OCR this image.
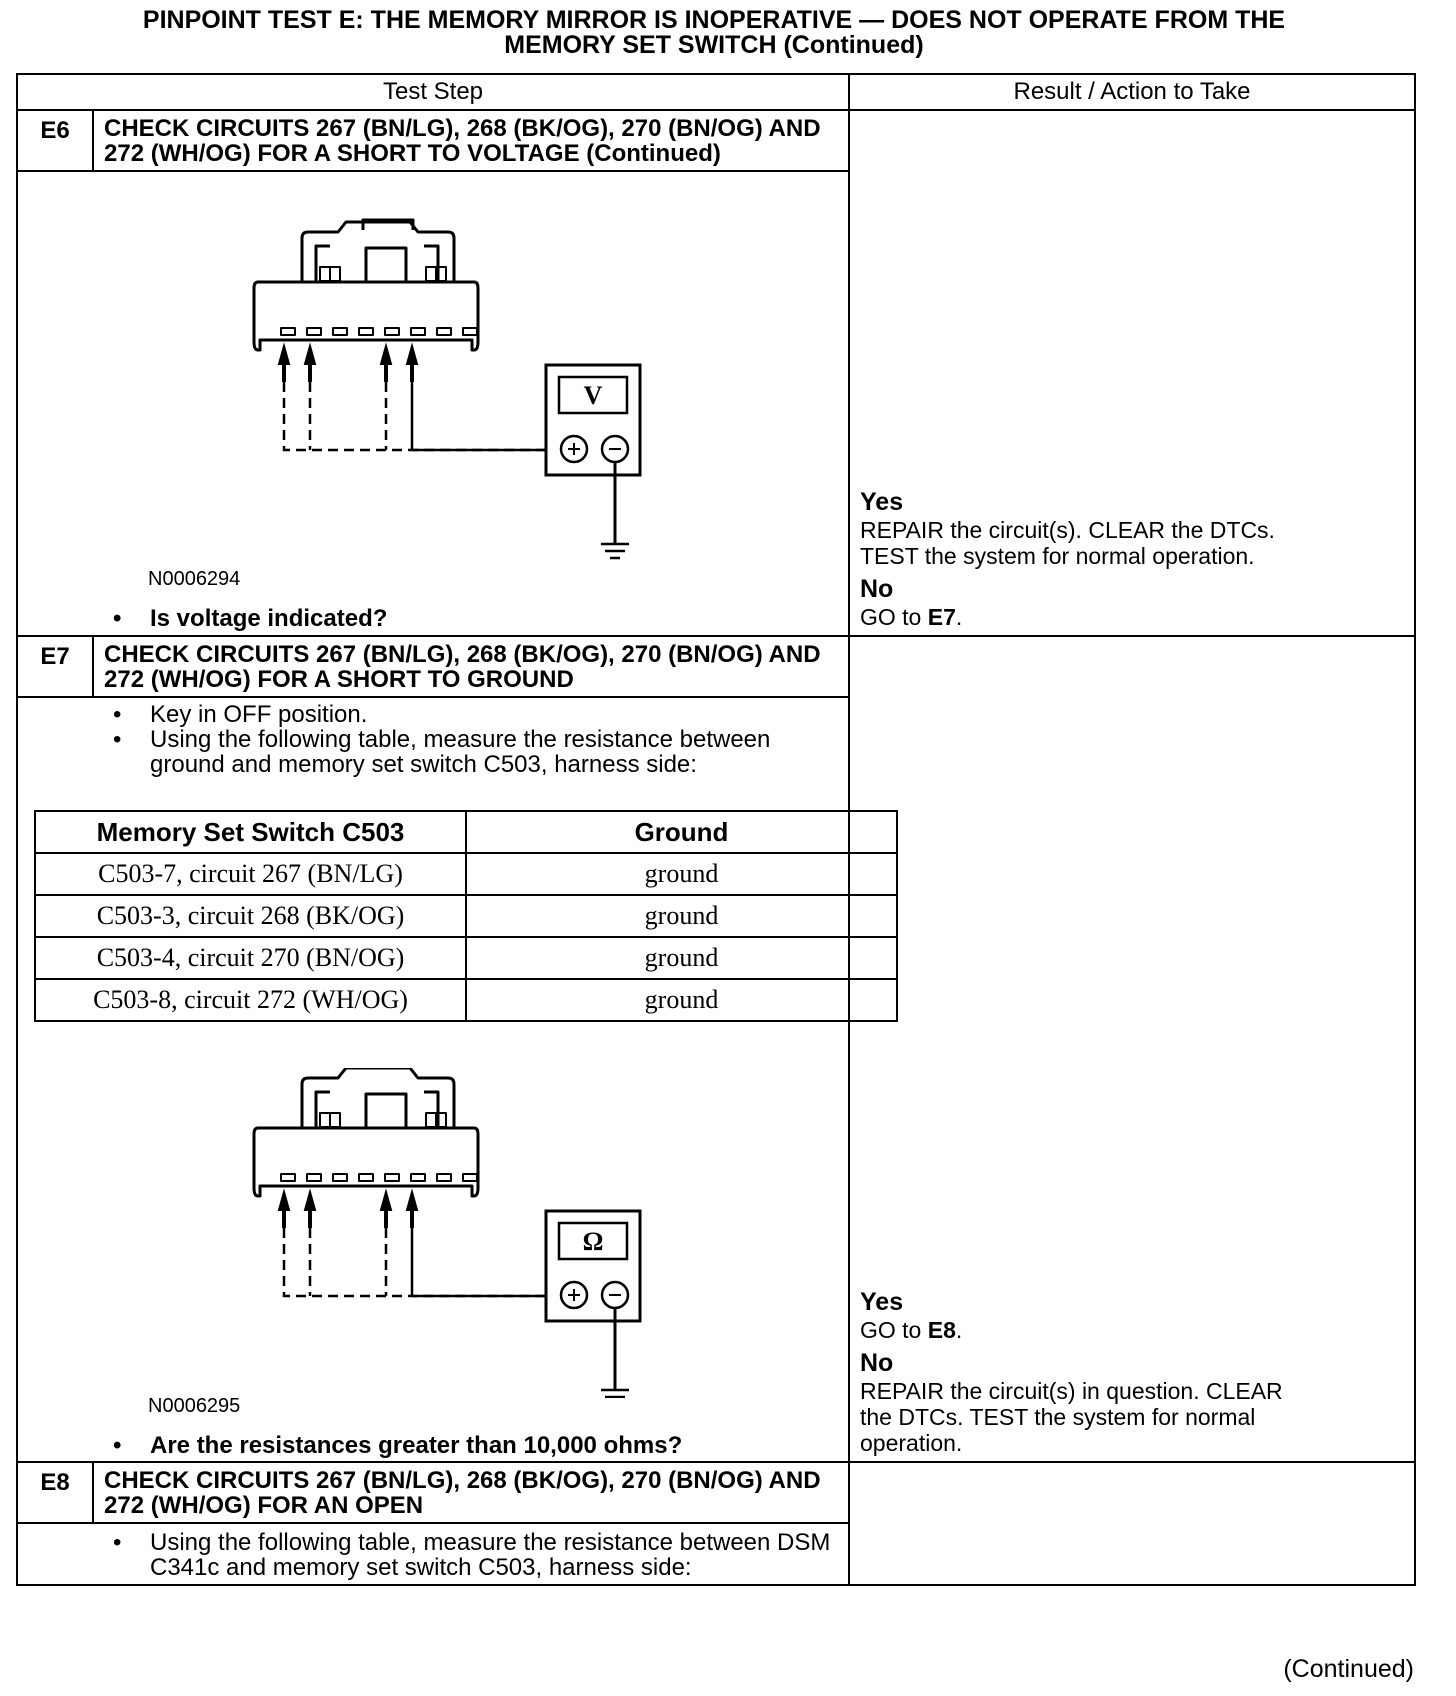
PINPOINT TEST E: THE MEMORY MIRROR IS INOPERATIVE — DOES NOT OPERATE FROM THE
MEMORY SET SWITCH (Continued)
Test Step	Result / Action to Take
E6	CHECK CIRCUITS 267 (BN/LG), 268 (BK/OG), 270 (BN/OG) AND
272 (WH/OG) FOR A SHORT TO VOLTAGE (Continued)

Yes
REPAIR the circuit(s). CLEAR the DTCs.
TEST the system for normal operation.
No
GO to E7.

V
N0006294
• Is voltage indicated?

E7	CHECK CIRCUITS 267 (BN/LG), 268 (BK/OG), 270 (BN/OG) AND
272 (WH/OG) FOR A SHORT TO GROUND

Yes
GO to E8.
No
REPAIR the circuit(s) in question. CLEAR
the DTCs. TEST the system for normal
operation.

• Key in OFF position.
• Using the following table, measure the resistance between
ground and memory set switch C503, harness side:
Memory Set Switch C503	Ground
C503-7, circuit 267 (BN/LG)	ground
C503-3, circuit 268 (BK/OG)	ground
C503-4, circuit 270 (BN/OG)	ground
C503-8, circuit 272 (WH/OG)	ground
Ω
N0006295
• Are the resistances greater than 10,000 ohms?

E8	CHECK CIRCUITS 267 (BN/LG), 268 (BK/OG), 270 (BN/OG) AND
272 (WH/OG) FOR AN OPEN

• Using the following table, measure the resistance between DSM
C341c and memory set switch C503, harness side:
(Continued)
